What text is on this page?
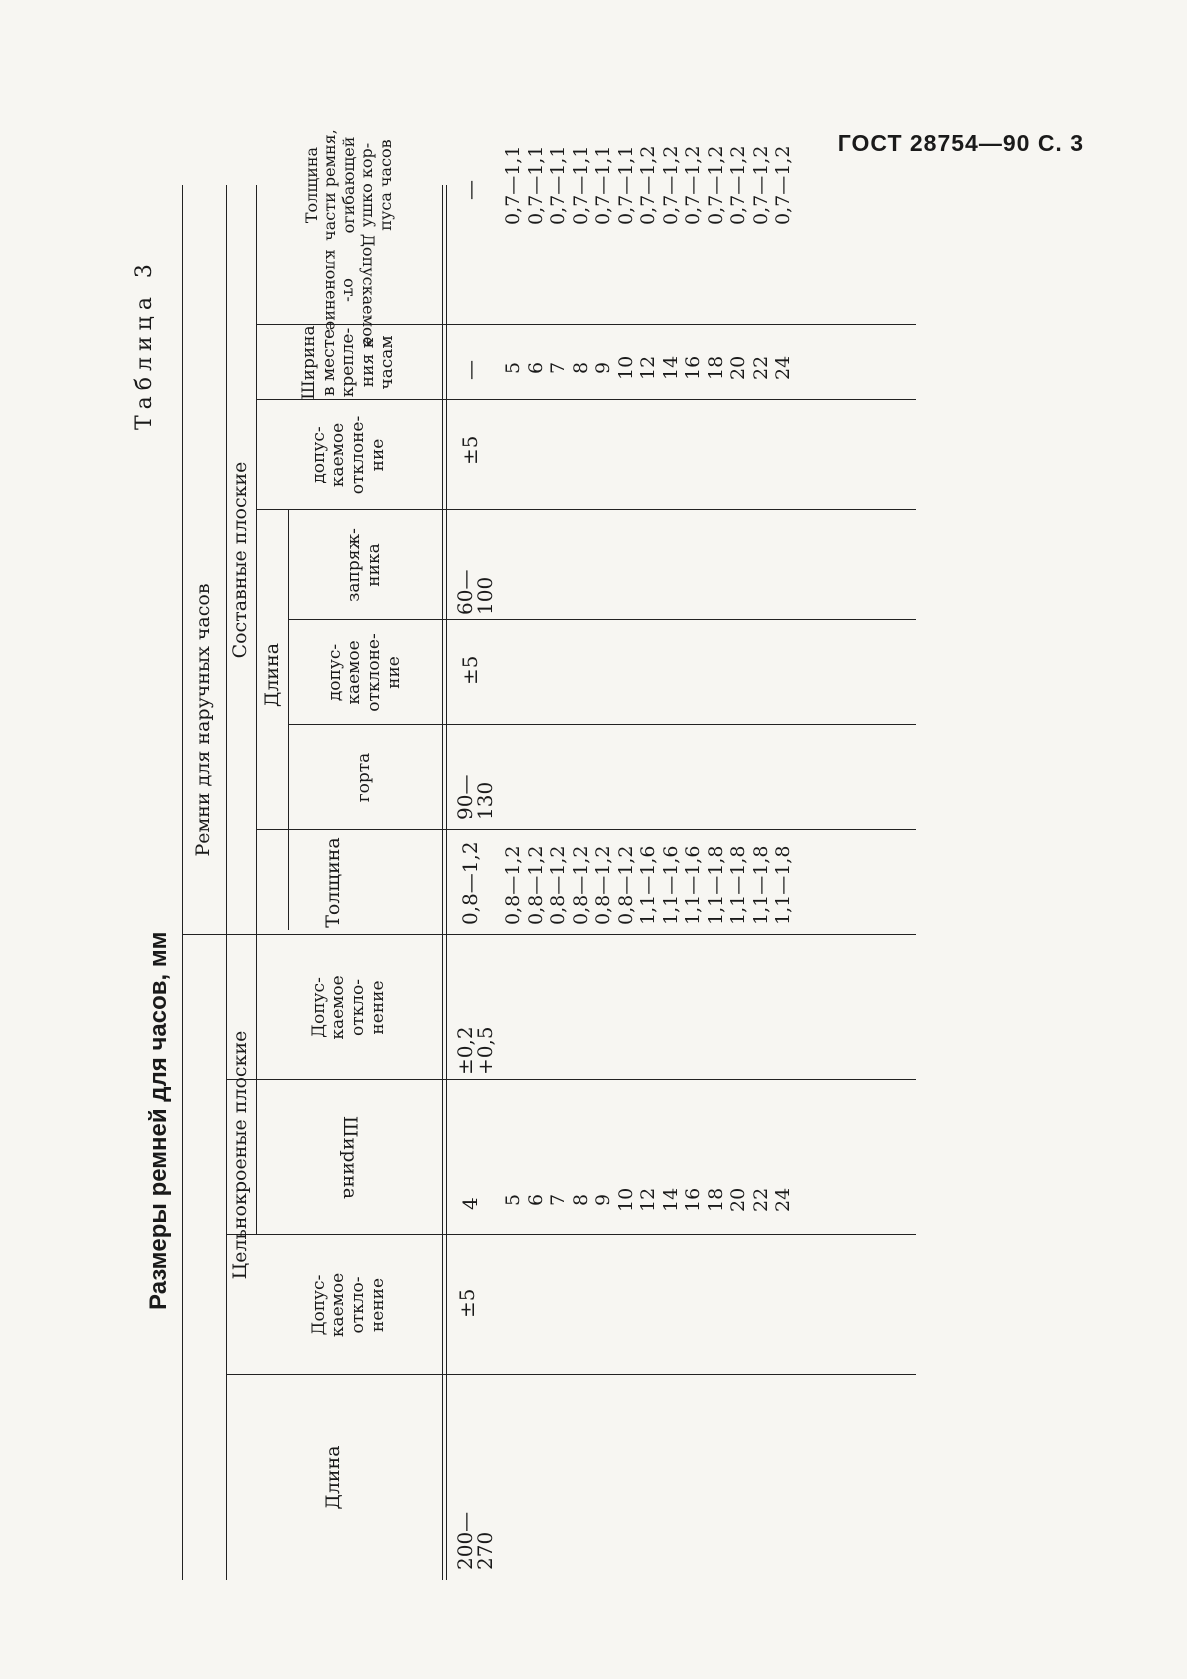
ГОСТ 28754—90 С. 3
Таблица 3
Размеры ремней для часов, мм
Ремни для наручных часов
Цельнокроеные плоские
Составные плоские
Длина
Длина
Допус-
каемое
откло-
нение
Ширина
Допус-
каемое
отклo-
нение
Толщина
горта
допус-
каемое
отклоне-
ние
запряж-
ника
допус-
каемое
отклоне-
ние
Ширина
в месте
крепле-
ния к
часам
Допускаемое от-
клонение
Толщина
части ремня,
огибающей
ушко кор-
пуса часов
200—
270
±5
4
±0,2
+0,5
0,8—1,2
90—
130
±5
60—
100
±5
—
—
5 6 7 8 9 10 12 14 16 18 20 22 24
0,8—1,2 0,8—1,2 0,8—1,2 0,8—1,2 0,8—1,2 0,8—1,2 1,1—1,6 1,1—1,6 1,1—1,6 1,1—1,8 1,1—1,8 1,1—1,8 1,1—1,8
5 6 7 8 9 10 12 14 16 18 20 22 24
0,7—1,1 0,7—1,1 0,7—1,1 0,7—1,1 0,7—1,1 0,7—1,1 0,7—1,2 0,7—1,2 0,7—1,2 0,7—1,2 0,7—1,2 0,7—1,2 0,7—1,2
